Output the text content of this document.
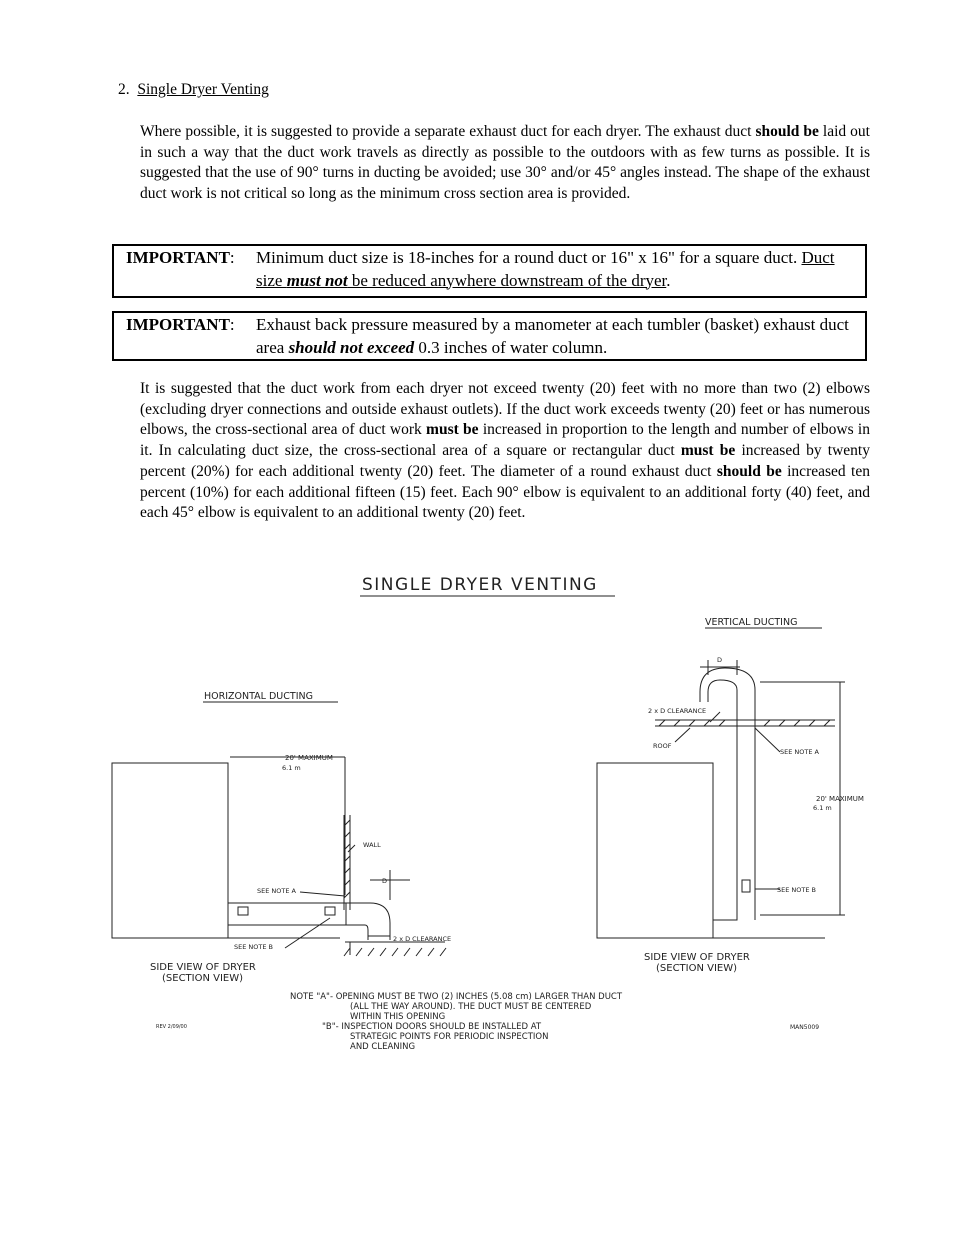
2. Single Dryer Venting
Where possible, it is suggested to provide a separate exhaust duct for each dryer. The exhaust duct should be laid out in such a way that the duct work travels as directly as possible to the outdoors with as few turns as possible. It is suggested that the use of 90° turns in ducting be avoided; use 30° and/or 45° angles instead. The shape of the exhaust duct work is not critical so long as the minimum cross section area is provided.
IMPORTANT: Minimum duct size is 18-inches for a round duct or 16" x 16" for a square duct. Duct size must not be reduced anywhere downstream of the dryer.
IMPORTANT: Exhaust back pressure measured by a manometer at each tumbler (basket) exhaust duct area should not exceed 0.3 inches of water column.
It is suggested that the duct work from each dryer not exceed twenty (20) feet with no more than two (2) elbows (excluding dryer connections and outside exhaust outlets). If the duct work exceeds twenty (20) feet or has numerous elbows, the cross-sectional area of duct work must be increased in proportion to the length and number of elbows in it. In calculating duct size, the cross-sectional area of a square or rectangular duct must be increased by twenty percent (20%) for each additional twenty (20) feet. The diameter of a round exhaust duct should be increased ten percent (10%) for each additional fifteen (15) feet. Each 90° elbow is equivalent to an additional forty (40) feet, and each 45° elbow is equivalent to an additional twenty (20) feet.
SINGLE DRYER VENTING
HORIZONTAL DUCTING
VERTICAL DUCTING
20' MAXIMUM
6.1 m
WALL
D
SEE NOTE A
SEE NOTE B
2 x D CLEARANCE
D
2 x D CLEARANCE
ROOF
SEE NOTE A
20' MAXIMUM
6.1 m
SEE NOTE B
SIDE VIEW OF DRYER
(SECTION VIEW)
SIDE VIEW OF DRYER
(SECTION VIEW)
NOTE "A"- OPENING MUST BE TWO (2) INCHES (5.08 cm) LARGER THAN DUCT
(ALL THE WAY AROUND). THE DUCT MUST BE CENTERED
WITHIN THIS OPENING
"B"- INSPECTION DOORS SHOULD BE INSTALLED AT
STRATEGIC POINTS FOR PERIODIC INSPECTION
AND CLEANING
REV 2/09/00	MAN5009
